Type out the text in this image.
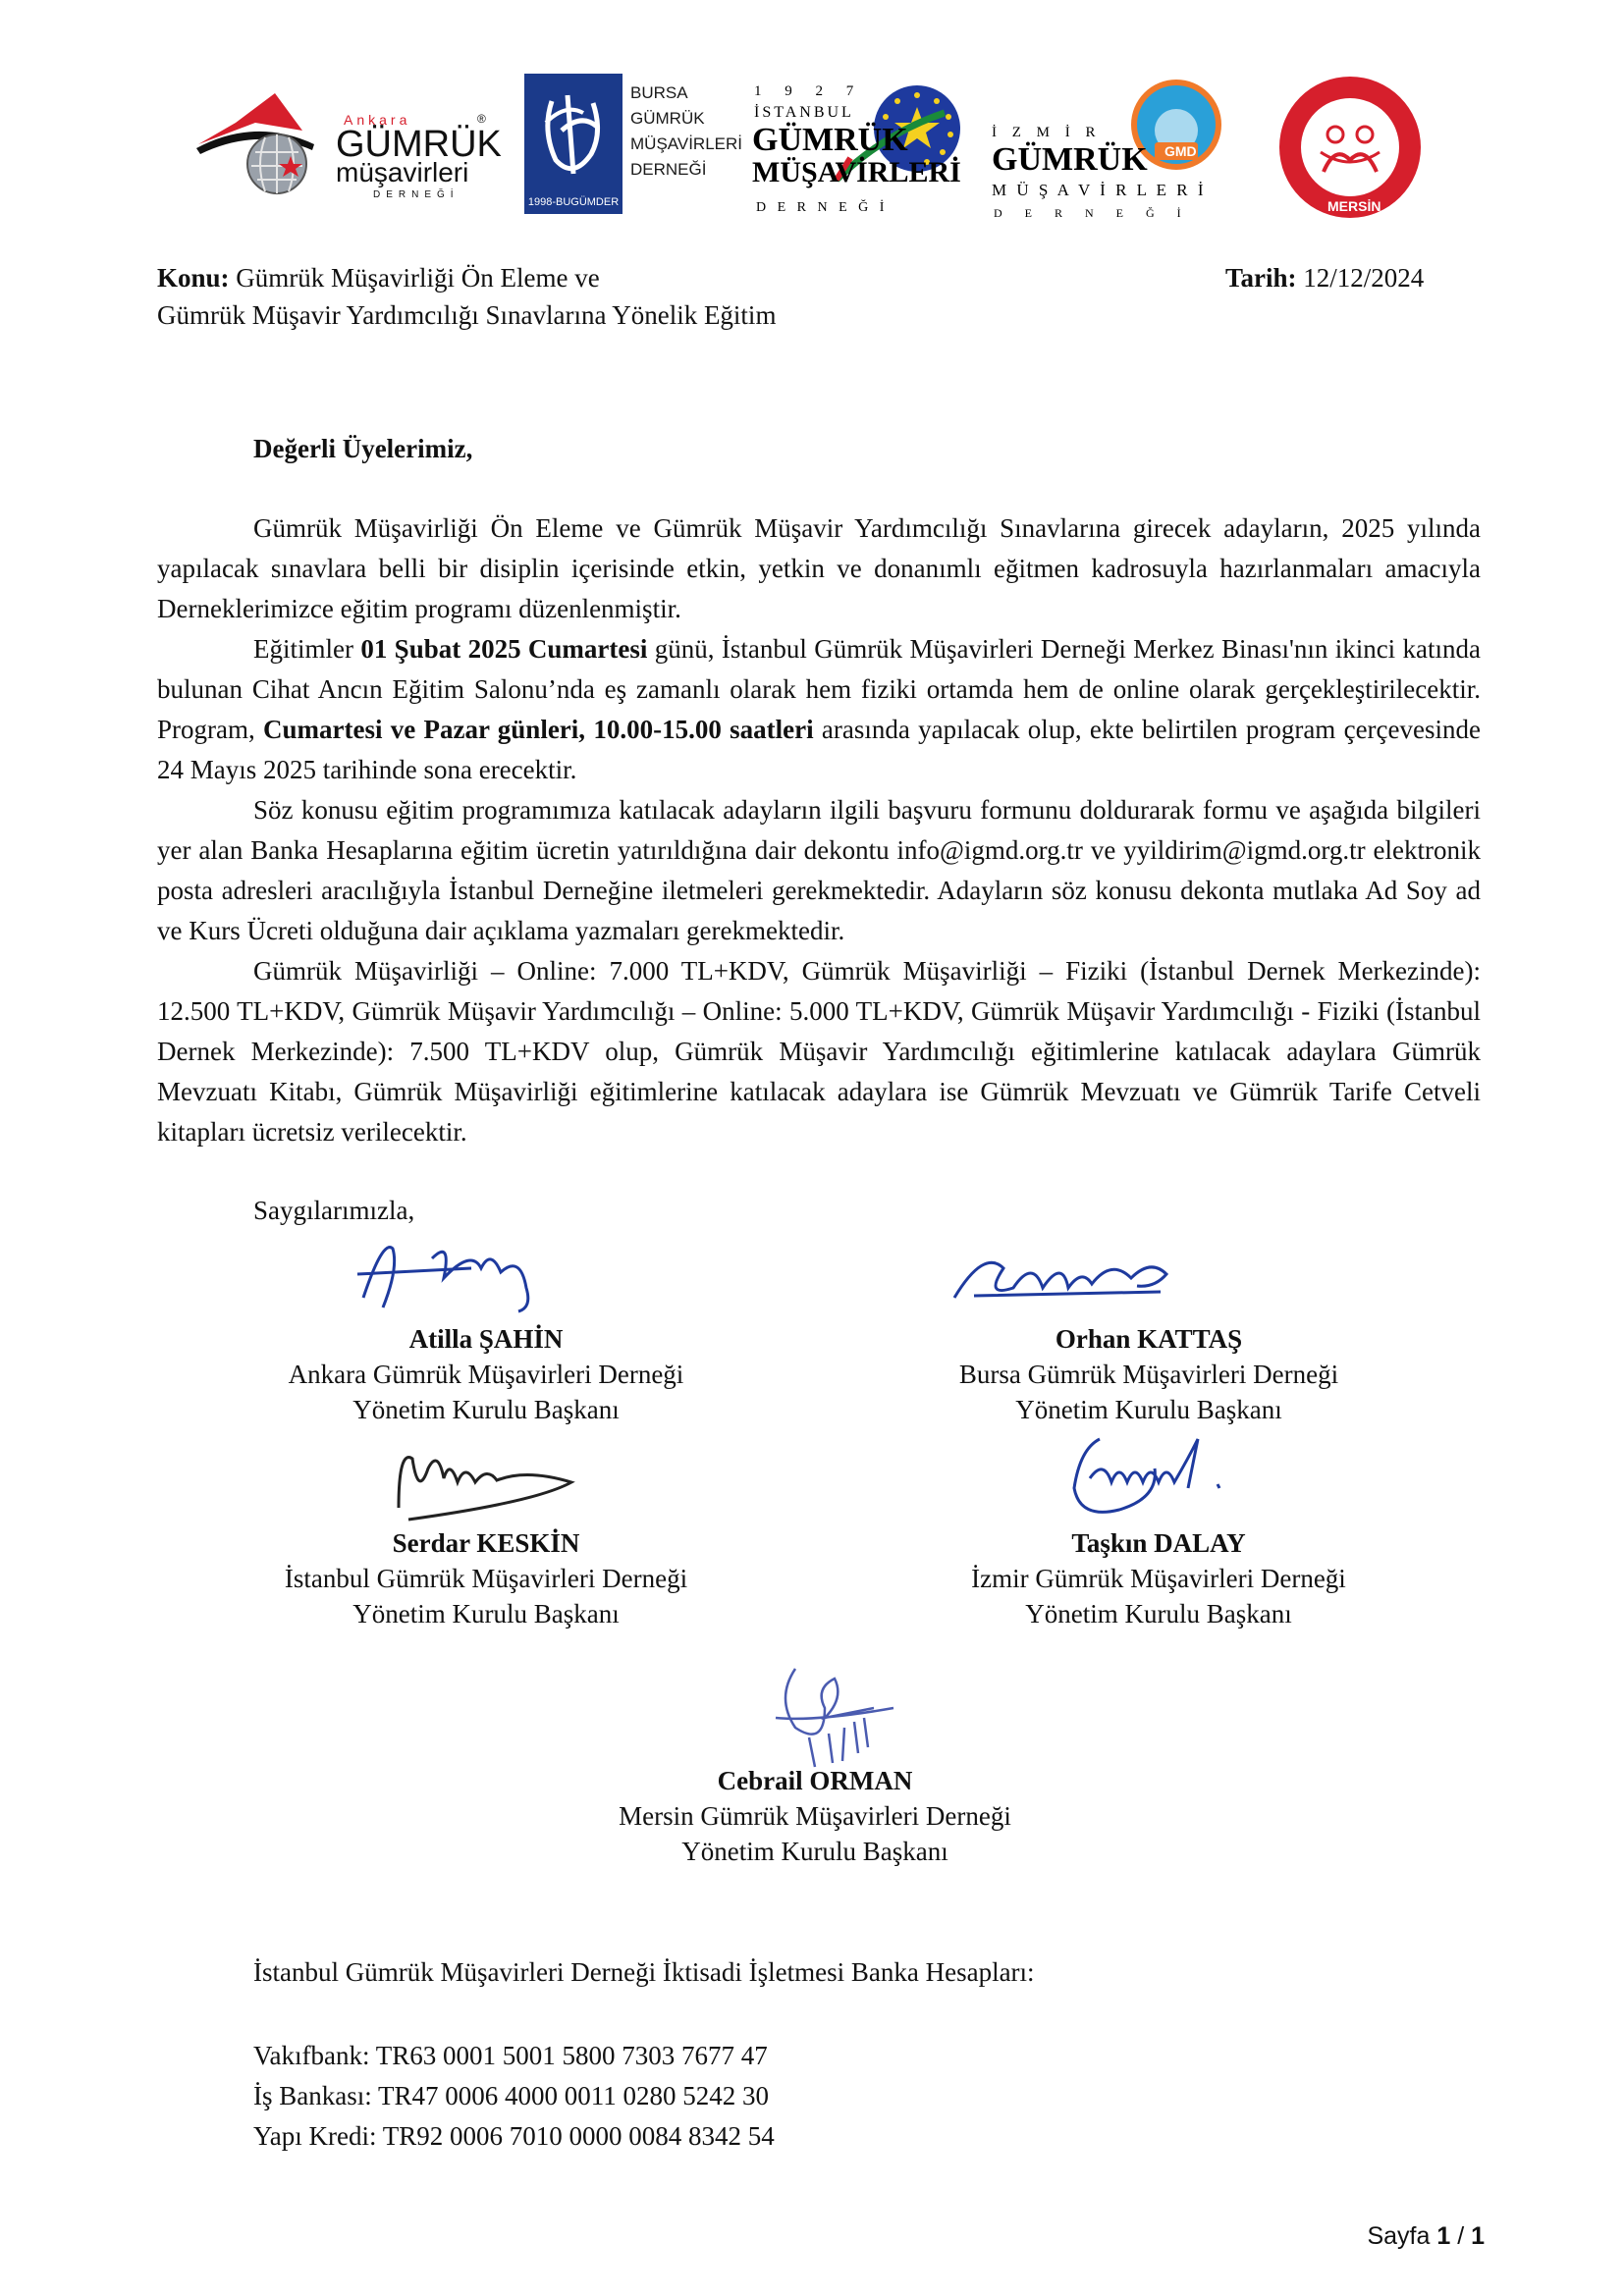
Ankara
GÜMRÜK
®
müşavirleri
DERNEĞİ
1998-BUGÜMDER
BURSA
GÜMRÜK
MÜŞAVİRLERİ
DERNEĞİ
1 9 2 7
İSTANBUL
GÜMRÜK
MÜŞAVİRLERİ
D E R N E Ğ İ
GMD
İ Z M İ R
GÜMRÜK
M Ü Ş A V İ R L E R İ
D E R N E Ğ İ	MERSİN
Konu: Gümrük Müşavirliği Ön Eleme ve
Gümrük Müşavir Yardımcılığı Sınavlarına Yönelik Eğitim
Tarih: 12/12/2024
Değerli Üyelerimiz,

Gümrük Müşavirliği Ön Eleme ve Gümrük Müşavir Yardımcılığı Sınavlarına girecek adayların, 2025 yılında yapılacak sınavlara belli bir disiplin içerisinde etkin, yetkin ve donanımlı eğitmen kadrosuyla hazırlanmaları amacıyla Derneklerimizce eğitim programı düzenlenmiştir.

Eğitimler 01 Şubat 2025 Cumartesi günü, İstanbul Gümrük Müşavirleri Derneği Merkez Binası'nın ikinci katında bulunan Cihat Ancın Eğitim Salonu’nda eş zamanlı olarak hem fiziki ortamda hem de online olarak gerçekleştirilecektir. Program, Cumartesi ve Pazar günleri, 10.00-15.00 saatleri arasında yapılacak olup, ekte belirtilen program çerçevesinde 24 Mayıs 2025 tarihinde sona erecektir.

Söz konusu eğitim programımıza katılacak adayların ilgili başvuru formunu doldurarak formu ve aşağıda bilgileri yer alan Banka Hesaplarına eğitim ücretin yatırıldığına dair dekontu info@igmd.org.tr ve yyildirim@igmd.org.tr elektronik posta adresleri aracılığıyla İstanbul Derneğine iletmeleri gerekmektedir. Adayların söz konusu dekonta mutlaka Ad Soy ad ve Kurs Ücreti olduğuna dair açıklama yazmaları gerekmektedir.

Gümrük Müşavirliği – Online: 7.000 TL+KDV, Gümrük Müşavirliği – Fiziki (İstanbul Dernek Merkezinde): 12.500 TL+KDV, Gümrük Müşavir Yardımcılığı – Online: 5.000 TL+KDV, Gümrük Müşavir Yardımcılığı - Fiziki (İstanbul Dernek Merkezinde): 7.500 TL+KDV olup, Gümrük Müşavir Yardımcılığı eğitimlerine katılacak adaylara Gümrük Mevzuatı Kitabı, Gümrük Müşavirliği eğitimlerine katılacak adaylara ise Gümrük Mevzuatı ve Gümrük Tarife Cetveli kitapları ücretsiz verilecektir.

Saygılarımızla,
Atilla ŞAHİN
Ankara Gümrük Müşavirleri Derneği
Yönetim Kurulu Başkanı
Orhan KATTAŞ
Bursa Gümrük Müşavirleri Derneği
Yönetim Kurulu Başkanı
Serdar KESKİN
İstanbul Gümrük Müşavirleri Derneği
Yönetim Kurulu Başkanı
Taşkın DALAY
İzmir Gümrük Müşavirleri Derneği
Yönetim Kurulu Başkanı
Cebrail ORMAN
Mersin Gümrük Müşavirleri Derneği
Yönetim Kurulu Başkanı
İstanbul Gümrük Müşavirleri Derneği İktisadi İşletmesi Banka Hesapları:
Vakıfbank: TR63 0001 5001 5800 7303 7677 47
İş Bankası: TR47 0006 4000 0011 0280 5242 30
Yapı Kredi: TR92 0006 7010 0000 0084 8342 54
Sayfa 1 / 1
